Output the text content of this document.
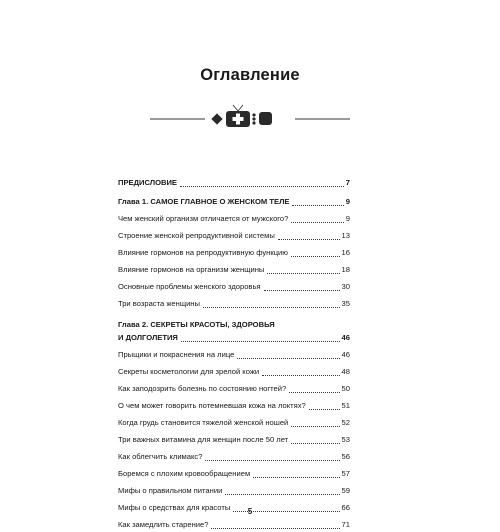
Оглавление
ПРЕДИСЛОВИЕ	7
Глава 1. САМОЕ ГЛАВНОЕ О ЖЕНСКОМ ТЕЛЕ	9
Чем женский организм отличается от мужского?	9
Строение женской репродуктивной системы	13
Влияние гормонов на репродуктивную функцию	16
Влияние гормонов на организм женщины	18
Основные проблемы женского здоровья	30
Три возраста женщины	35
Глава 2. СЕКРЕТЫ КРАСОТЫ, ЗДОРОВЬЯ
И ДОЛГОЛЕТИЯ	46
Прыщики и покраснения на лице	46
Секреты косметологии для зрелой кожи	48
Как заподозрить болезнь по состоянию ногтей?	50
О чем может говорить потемневшая кожа на локтях?	51
Когда грудь становится тяжелой женской ношей	52
Три важных витамина для женщин после 50 лет	53
Как облегчить климакс?	56
Боремся с плохим кровообращением	57
Мифы о правильном питании	59
Мифы о средствах для красоты	66
Как замедлить старение?	71
5
